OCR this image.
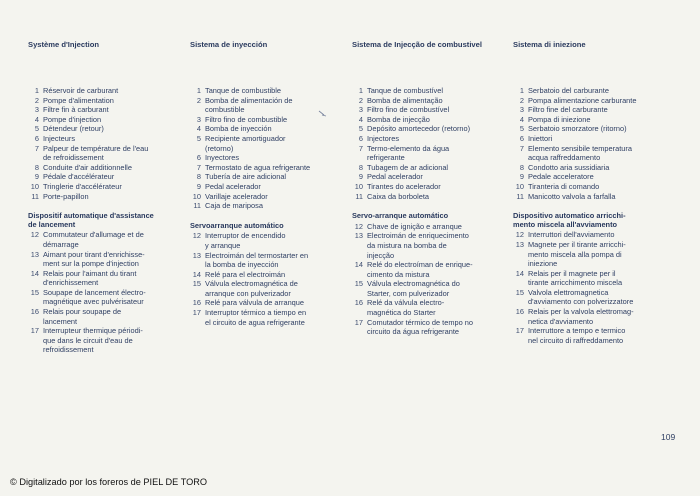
Système d'Injection
1 Réservoir de carburant
2 Pompe d'alimentation
3 Filtre fin à carburant
4 Pompe d'injection
5 Détendeur (retour)
6 Injecteurs
7 Palpeur de température de l'eau
de refroidissement
8 Conduite d'air additionnelle
9 Pédale d'accélérateur
10 Tringlerie d'accélérateur
11 Porte-papillon
Dispositif automatique d'assistance
de lancement
12 Commutateur d'allumage et de
démarrage
13 Aimant pour tirant d'enrichisse-
ment sur la pompe d'injection
14 Relais pour l'aimant du tirant
d'enrichissement
15 Soupape de lancement électro-
magnétique avec pulvérisateur
16 Relais pour soupape de
lancement
17 Interrupteur thermique périodi-
que dans le circuit d'eau de
refroidissement
Sistema de inyección
1 Tanque de combustible
2 Bomba de alimentación de
combustible
3 Filtro fino de combustible
4 Bomba de inyección
5 Recipiente amortiguador
(retorno)
6 Inyectores
7 Termostato de agua refrigerante
8 Tubería de aire adicional
9 Pedal acelerador
10 Varillaje acelerador
11 Caja de mariposa
Servoarranque automático
12 Interruptor de encendido
y arranque
13 Electroimán del termostarter en
la bomba de inyección
14 Relé para el electroimán
15 Válvula electromagnética de
arranque con pulverizador
16 Relé para válvula de arranque
17 Interruptor térmico a tiempo en
el circuito de agua refrigerante
Sistema de Injecção de combustivel
1 Tanque de combustível
2 Bomba de alimentação
3 Filtro fino de combustível
4 Bomba de injecção
5 Depósito amortecedor (retorno)
6 Injectores
7 Termo-elemento da água
refrigerante
8 Tubagem de ar adicional
9 Pedal acelerador
10 Tirantes do acelerador
11 Caixa da borboleta
Servo-arranque automático
12 Chave de ignição e arranque
13 Electroimán de enriquecimento
da mistura na bomba de
injecção
14 Relé do electroíman de enrique-
cimento da mistura
15 Válvula electromagnética do
Starter, com pulverizador
16 Relé da válvula electro-
magnética do Starter
17 Comutador térmico de tempo no
circuito da água refrigerante
Sistema di iniezione
1 Serbatoio del carburante
2 Pompa alimentazione carburante
3 Filtro fine del carburante
4 Pompa di iniezione
5 Serbatoio smorzatore (ritorno)
6 Iniettori
7 Elemento sensibile temperatura
acqua raffreddamento
8 Condotto aria sussidiaria
9 Pedale acceleratore
10 Tiranteria di comando
11 Manicotto valvola a farfalla
Dispositivo automatico arricchi-
mento miscela all'avviamento
12 Interruttori dell'avviamento
13 Magnete per il tirante arricchi-
mento miscela alla pompa di
iniezione
14 Relais per il magnete per il
tirante arricchimento miscela
15 Valvola elettromagnetica
d'avviamento con polverizzatore
16 Relais per la valvola elettromag-
netica d'avviamento
17 Interruttore a tempo e termico
nel circuito di raffreddamento
109
© Digitalizado por los foreros de PIEL DE TORO
